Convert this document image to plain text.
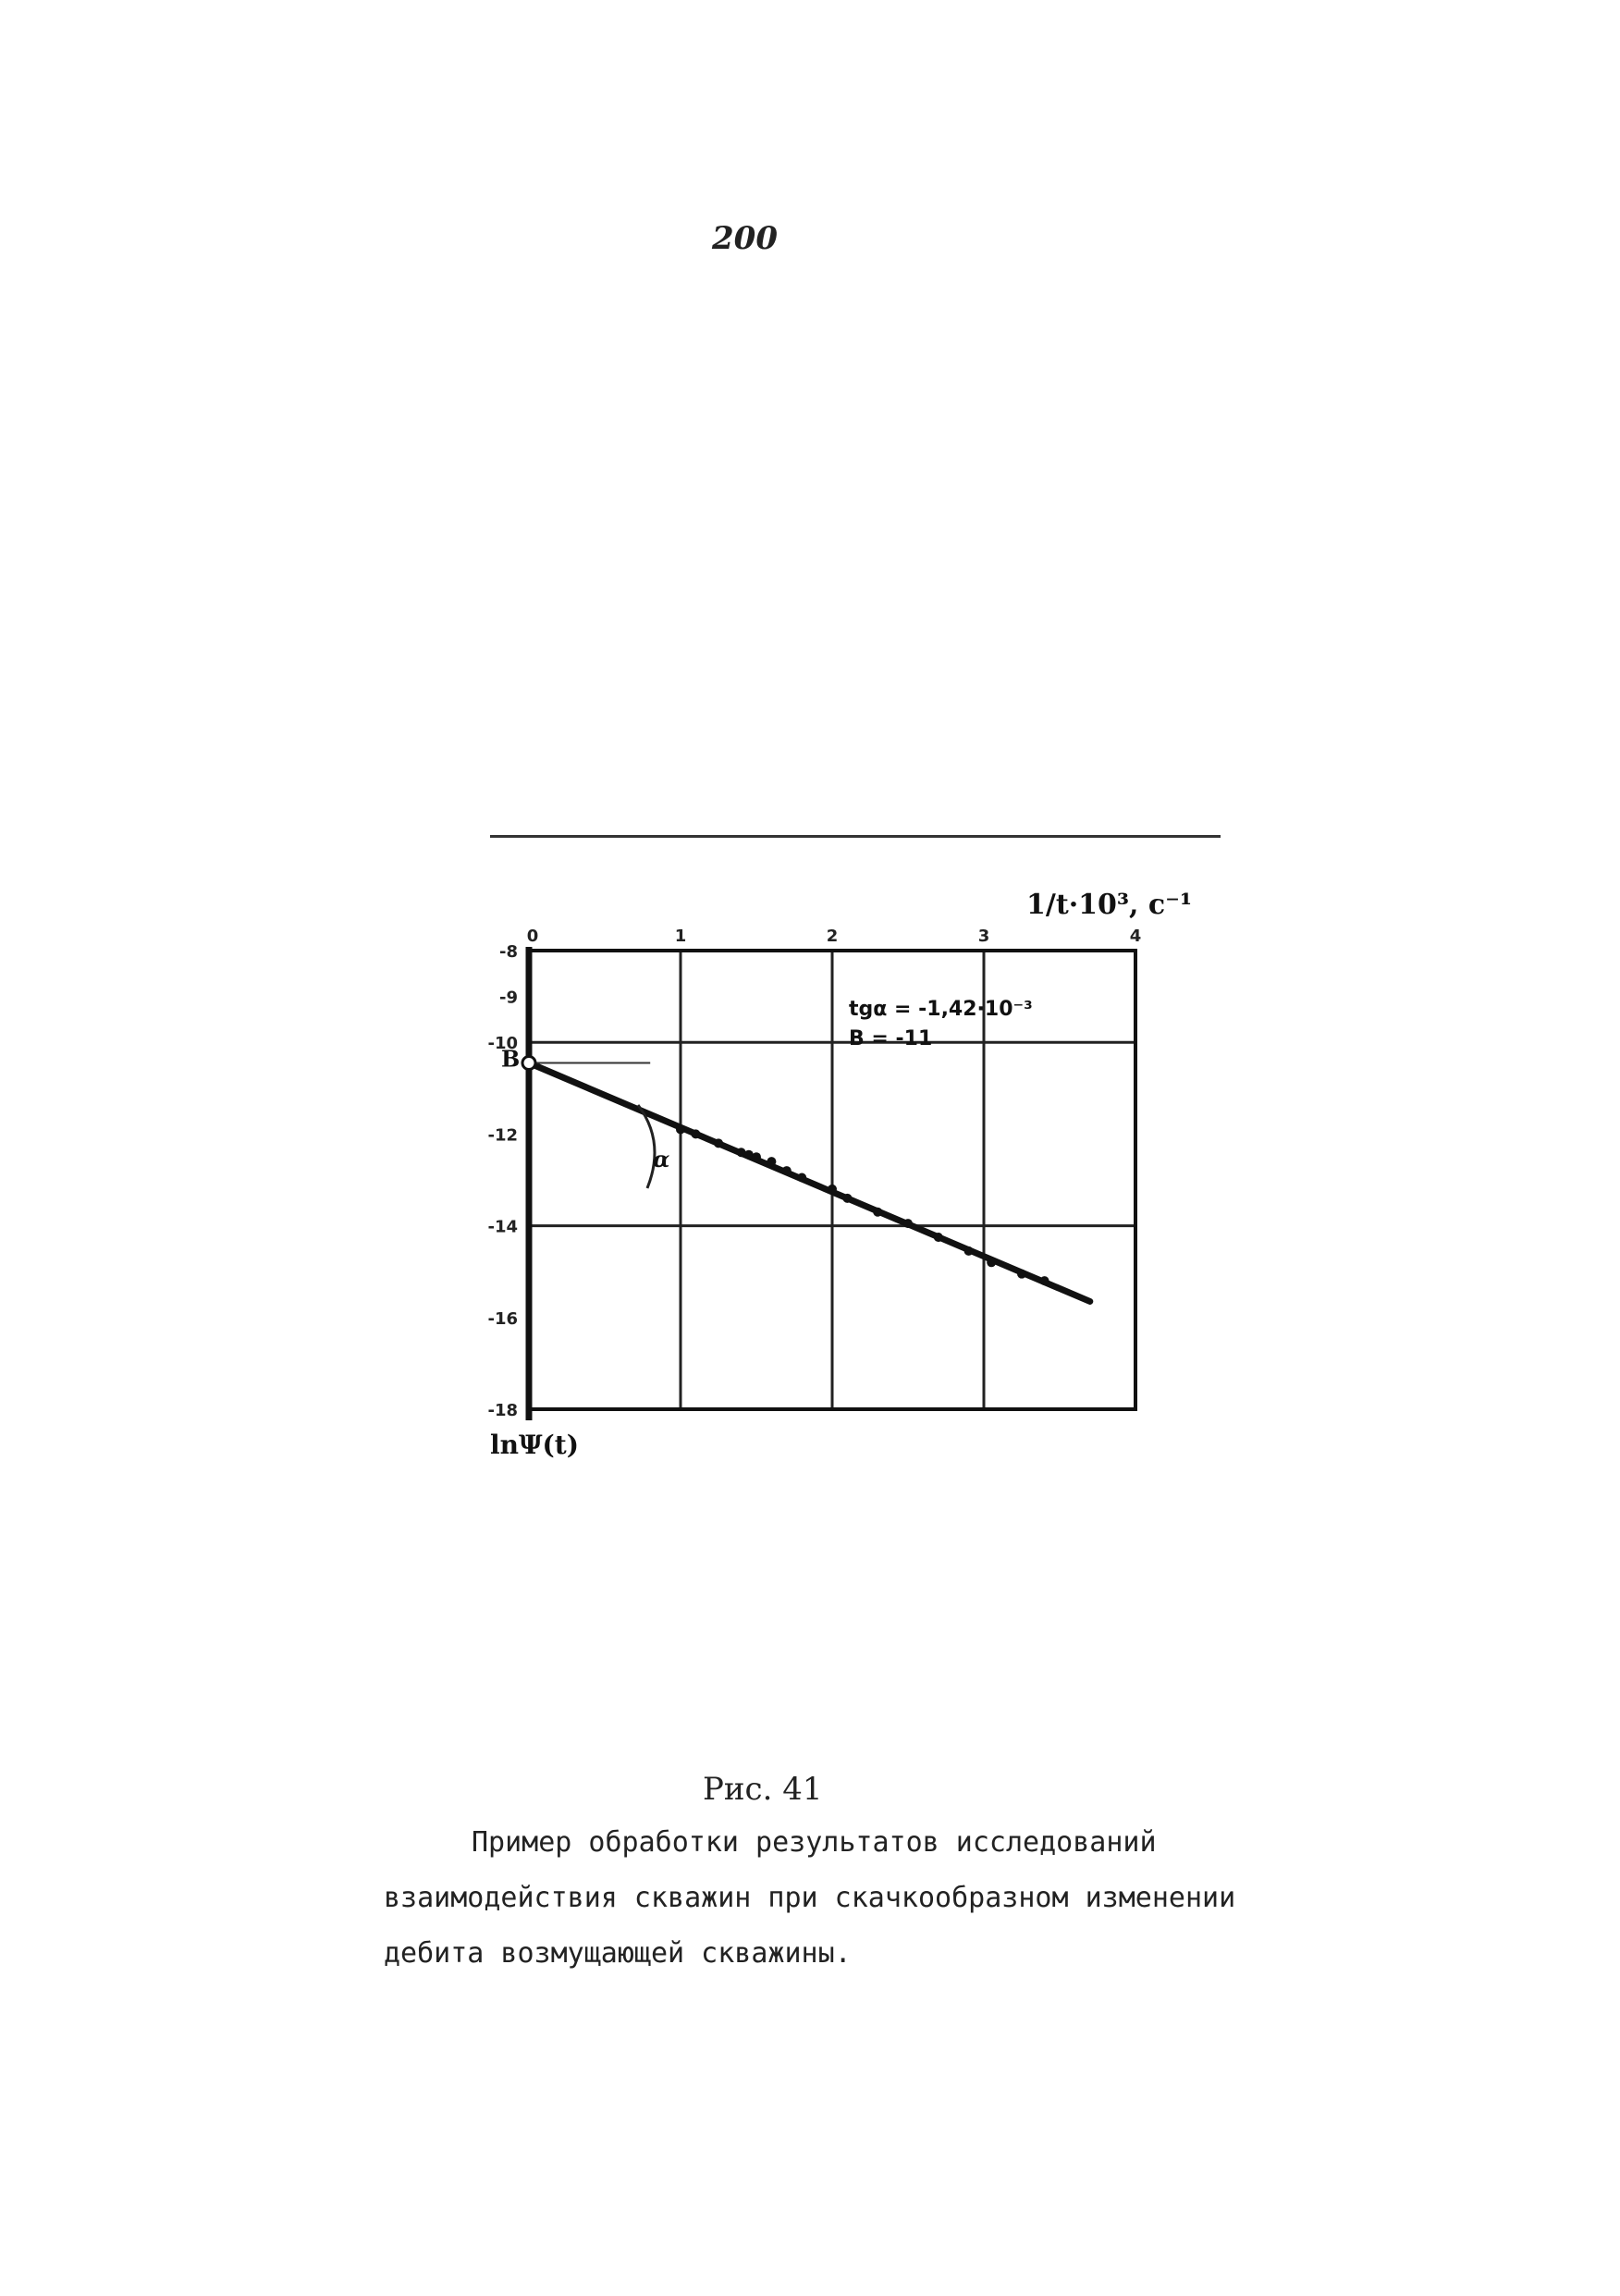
200
0	1	2	3	4
-8
-9
-10
-12
-14
-16
-18
1/t·10³, c⁻¹
lnΨ(t)
tgα = -1,42·10⁻³
B = -11
B
α
Рис. 41
Пример обработки результатов исследований
взаимодействия скважин при скачкообразном изменении
дебита возмущающей скважины.
